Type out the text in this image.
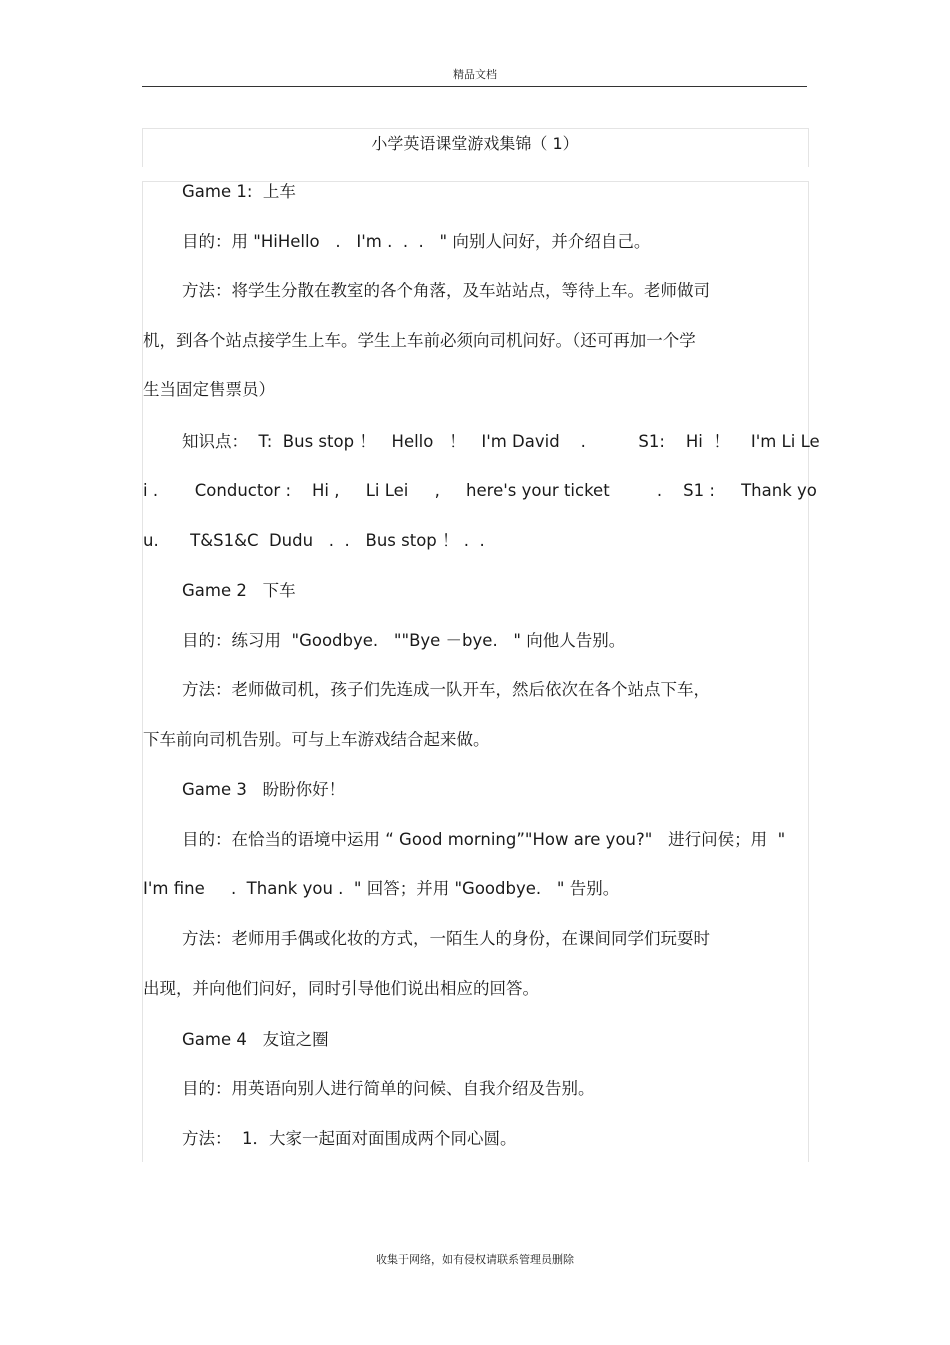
精品文档
小学英语课堂游戏集锦（ 1）
Game 1:  上车
目的：用 "HiHello   .   I'm .  .  .   " 向别人问好，并介绍自己。
方法：将学生分散在教室的各个角落，及车站站点，等待上车。老师做司
机，到各个站点接学生上车。学生上车前必须向司机问好。（还可再加一个学
生当固定售票员）
知识点：  T:  Bus stop ！   Hello   ！   I'm David    .          S1:    Hi  ！    I'm Li Le
i .       Conductor :    Hi ,     Li Lei     ,     here's your ticket         .    S1 :     Thank yo
u.      T&S1&C  Dudu   .  .   Bus stop ！ .  .
Game 2   下车
目的：练习用  "Goodbye.   ""Bye －bye.   " 向他人告别。
方法：老师做司机，孩子们先连成一队开车，然后依次在各个站点下车，
下车前向司机告别。可与上车游戏结合起来做。
Game 3   盼盼你好！
目的：在恰当的语境中运用 “ Good morning”"How are you?"   进行问侯；用  "
I'm fine     .  Thank you .  " 回答；并用 "Goodbye.   " 告别。
方法：老师用手偶或化妆的方式，一陌生人的身份，在课间同学们玩耍时
出现，并向他们问好，同时引导他们说出相应的回答。
Game 4   友谊之圈
目的：用英语向别人进行简单的问候、自我介绍及告别。
方法：  1．大家一起面对面围成两个同心圆。
收集于网络，如有侵权请联系管理员删除
